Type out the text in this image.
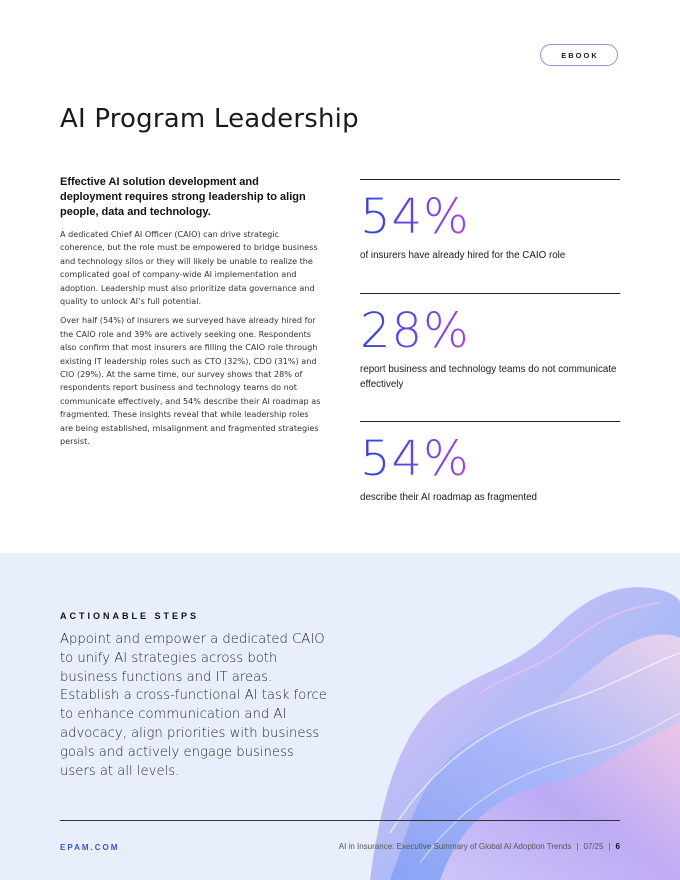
EBOOK
AI Program Leadership

Effective AI solution development and deployment requires strong leadership to align people, data and technology.

A dedicated Chief AI Officer (CAIO) can drive strategic coherence, but the role must be empowered to bridge business and technology silos or they will likely be unable to realize the complicated goal of company-wide AI implementation and adoption. Leadership must also prioritize data governance and quality to unlock AI’s full potential.

Over half (54%) of insurers we surveyed have already hired for the CAIO role and 39% are actively seeking one. Respondents also confirm that most insurers are filling the CAIO role through existing IT leadership roles such as CTO (32%), CDO (31%) and CIO (29%). At the same time, our survey shows that 28% of respondents report business and technology teams do not communicate effectively, and 54% describe their AI roadmap as fragmented. These insights reveal that while leadership roles are being established, misalignment and fragmented strategies persist.

54%
of insurers have already hired for the CAIO role
28%
report business and technology teams do not communicate effectively
54%
describe their AI roadmap as fragmented
ACTIONABLE STEPS

Appoint and empower a dedicated CAIO to unify AI strategies across both business functions and IT areas. Establish a cross-functional AI task force to enhance communication and AI advocacy, align priorities with business goals and actively engage business users at all levels.

EPAM.COM	AI in Insurance: Executive Summary of Global AI Adoption Trends | 07/25 | 6
